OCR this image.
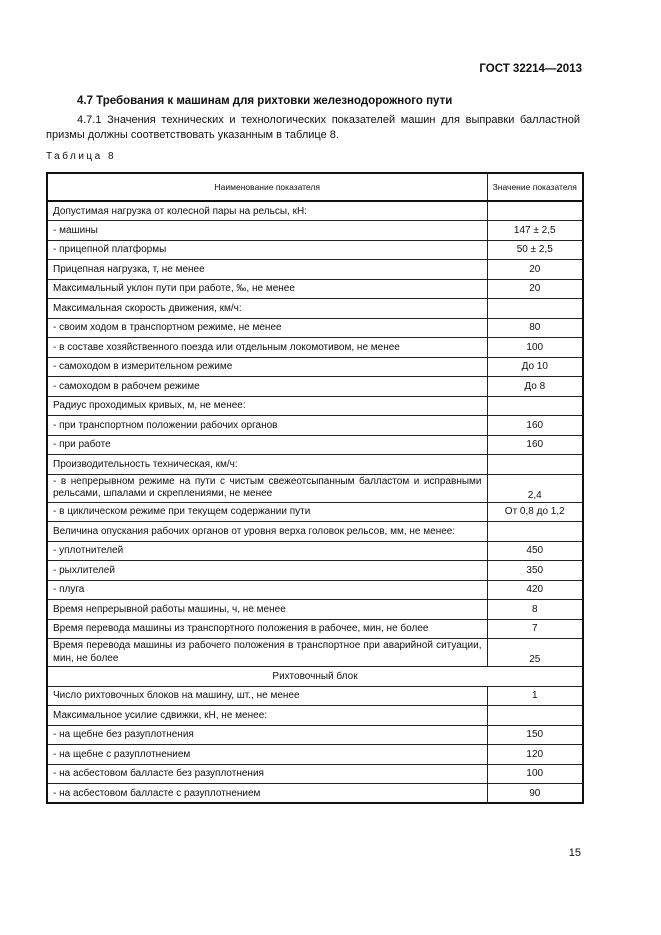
ГОСТ 32214—2013
4.7 Требования к машинам для рихтовки железнодорожного пути
4.7.1 Значения технических и технологических показателей машин для выправки балластной призмы должны соответствовать указанным в таблице 8.
Таблица 8
Наименование показателя	Значение показателя
Допустимая нагрузка от колесной пары на рельсы, кН:	
- машины	147 ± 2,5
- прицепной платформы	50 ± 2,5
Прицепная нагрузка, т, не менее	20
Максимальный уклон пути при работе, ‰, не менее	20
Максимальная скорость движения, км/ч:	
- своим ходом в транспортном режиме, не менее	80
- в составе хозяйственного поезда или отдельным локомотивом, не менее	100
- самоходом в измерительном режиме	До 10
- самоходом в рабочем режиме	До 8
Радиус проходимых кривых, м, не менее:	
- при транспортном положении рабочих органов	160
- при работе	160
Производительность техническая, км/ч:	
- в непрерывном режиме на пути с чистым свежеотсыпанным балластом и исправными рельсами, шпалами и скреплениями, не менее	2,4
- в циклическом режиме при текущем содержании пути	От 0,8 до 1,2
Величина опускания рабочих органов от уровня верха головок рельсов, мм, не менее:	
- уплотнителей	450
- рыхлителей	350
- плуга	420
Время непрерывной работы машины, ч, не менее	8
Время перевода машины из транспортного положения в рабочее, мин, не более	7
Время перевода машины из рабочего положения в транспортное при аварийной ситуации, мин, не более	25
Рихтовочный блок	
Число рихтовочных блоков на машину, шт., не менее	1
Максимальное усилие сдвижки, кН, не менее:	
- на щебне без разуплотнения	150
- на щебне с разуплотнением	120
- на асбестовом балласте без разуплотнения	100
- на асбестовом балласте с разуплотнением	90
15
